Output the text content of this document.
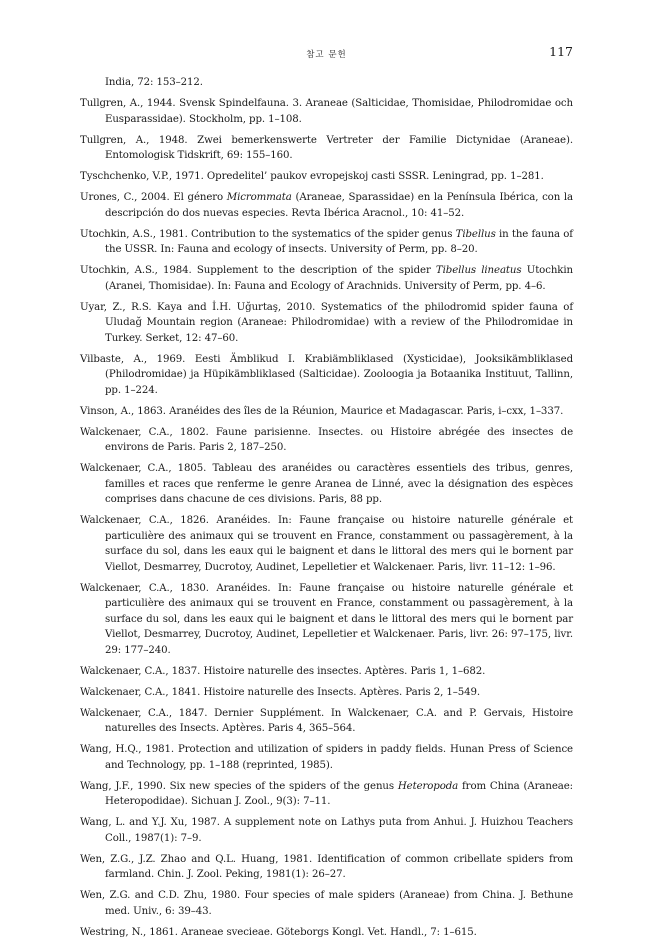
참고 문헌	117
India, 72: 153–212.
Tullgren, A., 1944. Svensk Spindelfauna. 3. Araneae (Salticidae, Thomisidae, Philodromidae och Eusparassidae). Stockholm, pp. 1–108.
Tullgren, A., 1948. Zwei bemerkenswerte Vertreter der Familie Dictynidae (Araneae). Entomologisk Tidskrift, 69: 155–160.
Tyschchenko, V.P., 1971. Opredelitel’ paukov evropejskoj casti SSSR. Leningrad, pp. 1–281.
Urones, C., 2004. El género Micrommata (Araneae, Sparassidae) en la Península Ibérica, con la descripción do dos nuevas especies. Revta Ibérica Aracnol., 10: 41–52.
Utochkin, A.S., 1981. Contribution to the systematics of the spider genus Tibellus in the fauna of the USSR. In: Fauna and ecology of insects. University of Perm, pp. 8–20.
Utochkin, A.S., 1984. Supplement to the description of the spider Tibellus lineatus Utochkin (Aranei, Thomisidae). In: Fauna and Ecology of Arachnids. University of Perm, pp. 4–6.
Uyar, Z., R.S. Kaya and İ.H. Uğurtaş, 2010. Systematics of the philodromid spider fauna of Uludağ Mountain region (Araneae: Philodromidae) with a review of the Philodromidae in Turkey. Serket, 12: 47–60.
Vilbaste, A., 1969. Eesti Ämblikud I. Krabiämbliklased (Xysticidae), Jooksikämbliklased (Philodromidae) ja Hüpikämbliklased (Salticidae). Zooloogia ja Botaanika Instituut, Tallinn, pp. 1–224.
Vinson, A., 1863. Aranéides des îles de la Réunion, Maurice et Madagascar. Paris, i–cxx, 1–337.
Walckenaer, C.A., 1802. Faune parisienne. Insectes. ou Histoire abrégée des insectes de environs de Paris. Paris 2, 187–250.
Walckenaer, C.A., 1805. Tableau des aranéides ou caractères essentiels des tribus, genres, familles et races que renferme le genre Aranea de Linné, avec la désignation des espèces comprises dans chacune de ces divisions. Paris, 88 pp.
Walckenaer, C.A., 1826. Aranéides. In: Faune française ou histoire naturelle générale et particulière des animaux qui se trouvent en France, constamment ou passagèrement, à la surface du sol, dans les eaux qui le baignent et dans le littoral des mers qui le bornent par Viellot, Desmarrey, Ducrotoy, Audinet, Lepelletier et Walckenaer. Paris, livr. 11–12: 1–96.
Walckenaer, C.A., 1830. Aranéides. In: Faune française ou histoire naturelle générale et particulière des animaux qui se trouvent en France, constamment ou passagèrement, à la surface du sol, dans les eaux qui le baignent et dans le littoral des mers qui le bornent par Viellot, Desmarrey, Ducrotoy, Audinet, Lepelletier et Walckenaer. Paris, livr. 26: 97–175, livr. 29: 177–240.
Walckenaer, C.A., 1837. Histoire naturelle des insectes. Aptères. Paris 1, 1–682.
Walckenaer, C.A., 1841. Histoire naturelle des Insects. Aptères. Paris 2, 1–549.
Walckenaer, C.A., 1847. Dernier Supplément. In Walckenaer, C.A. and P. Gervais, Histoire naturelles des Insects. Aptères. Paris 4, 365–564.
Wang, H.Q., 1981. Protection and utilization of spiders in paddy fields. Hunan Press of Science and Technology, pp. 1–188 (reprinted, 1985).
Wang, J.F., 1990. Six new species of the spiders of the genus Heteropoda from China (Araneae: Heteropodidae). Sichuan J. Zool., 9(3): 7–11.
Wang, L. and Y.J. Xu, 1987. A supplement note on Lathys puta from Anhui. J. Huizhou Teachers Coll., 1987(1): 7–9.
Wen, Z.G., J.Z. Zhao and Q.L. Huang, 1981. Identification of common cribellate spiders from farmland. Chin. J. Zool. Peking, 1981(1): 26–27.
Wen, Z.G. and C.D. Zhu, 1980. Four species of male spiders (Araneae) from China. J. Bethune med. Univ., 6: 39–43.
Westring, N., 1861. Araneae svecieae. Göteborgs Kongl. Vet. Handl., 7: 1–615.
